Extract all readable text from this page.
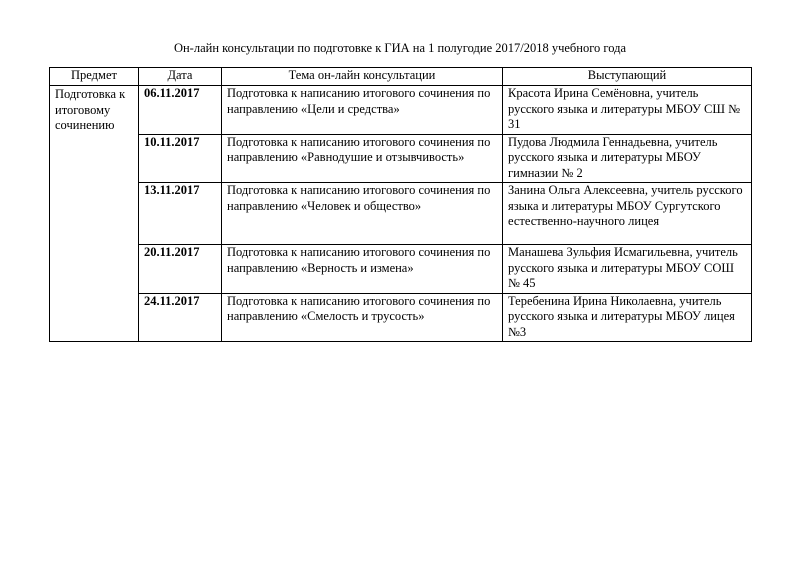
Он-лайн консультации по подготовке к ГИА на 1 полугодие 2017/2018 учебного года
Предмет	Дата	Тема он-лайн консультации	Выступающий
Подготовка к итоговому сочинению	06.11.2017	Подготовка к написанию итогового сочинения по направлению «Цели и средства»	Красота Ирина Семёновна, учитель русского языка и литературы МБОУ СШ № 31
	10.11.2017	Подготовка к написанию итогового сочинения по направлению «Равнодушие и отзывчивость»	Пудова Людмила Геннадьевна, учитель русского языка и литературы МБОУ гимназии № 2
	13.11.2017	Подготовка к написанию итогового сочинения по направлению «Человек и общество»	Занина Ольга Алексеевна, учитель русского языка и литературы МБОУ Сургутского естественно-научного лицея
	20.11.2017	Подготовка к написанию итогового сочинения по направлению «Верность и измена»	Манашева Зульфия Исмагильевна, учитель русского языка и литературы МБОУ СОШ № 45
	24.11.2017	Подготовка к написанию итогового сочинения по направлению «Смелость и трусость»	Теребенина Ирина Николаевна, учитель русского языка и литературы МБОУ лицея №3
